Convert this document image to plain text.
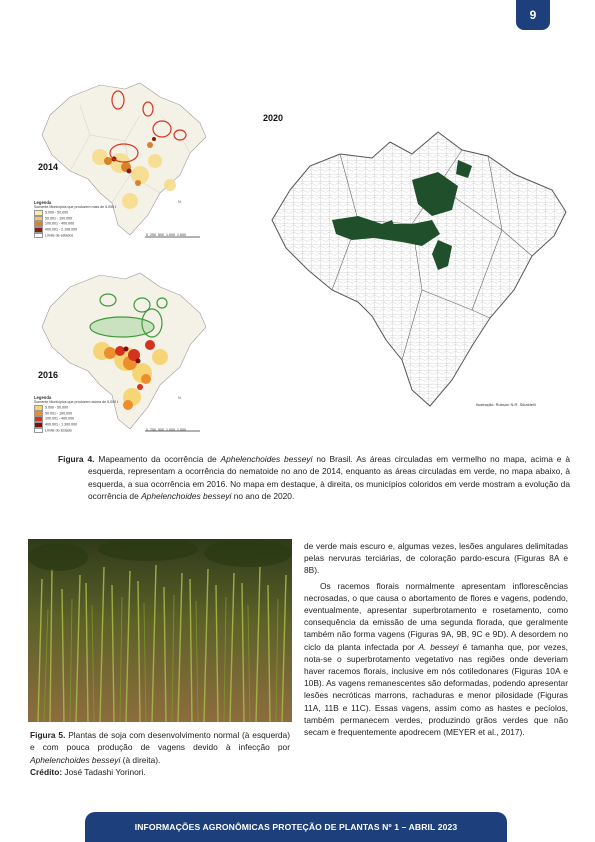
9
N
2014
Legenda
Somente Municípios que produzem mais de 5.000 t
5.000 - 50.000
50.001 - 100.000
100.001 - 400.000
400.001 - 2.108.000
Limite de estados	0 250 500 1.000 1.500
N
2016
Legenda
Somente Municípios que produzem acima de 5.000 t
5.000 - 50.000
50.001 - 100.000
100.001 - 400.000
400.001 - 1.300.000
Limite do Estado	0 250 500 1.000 1.500
2020
Ilustração: Rubson N.R. Sibaldelli
Figura 4. Mapeamento da ocorrência de Aphelenchoides besseyi no Brasil. As áreas circuladas em vermelho no mapa, acima e à esquerda, representam a ocorrência do nematoide no ano de 2014, enquanto as áreas circuladas em verde, no mapa abaixo, à esquerda, a sua ocorrência em 2016. No mapa em destaque, à direita, os municípios coloridos em verde mostram a evolução da ocorrência de Aphelenchoides besseyi no ano de 2020.
Figura 5. Plantas de soja com desenvolvimento normal (à esquerda) e com pouca produção de vagens devido à infecção por Aphelenchoides besseyi (à direita).
Crédito: José Tadashi Yorinori.

de verde mais escuro e, algumas vezes, lesões angulares delimitadas pelas nervuras terciárias, de coloração pardo-escura (Figuras 8A e 8B).

Os racemos florais normalmente apresentam inflorescências necrosadas, o que causa o abortamento de flores e vagens, podendo, eventualmente, apresentar superbrotamento e rosetamento, como consequência da emissão de uma segunda florada, que geralmente também não forma vagens (Figuras 9A, 9B, 9C e 9D). A desordem no ciclo da planta infectada por A. besseyi é tamanha que, por vezes, nota-se o superbrotamento vegetativo nas regiões onde deveriam haver racemos florais, inclusive em nós cotiledonares (Figuras 10A e 10B). As vagens remanescentes são deformadas, podendo apresentar lesões necróticas marrons, rachaduras e menor pilosidade (Figuras 11A, 11B e 11C). Essas vagens, assim como as hastes e pecíolos, também permanecem verdes, produzindo grãos verdes que não secam e frequentemente apodrecem (MEYER et al., 2017).

INFORMAÇÕES AGRONÔMICAS PROTEÇÃO DE PLANTAS Nº 1 – ABRIL 2023
